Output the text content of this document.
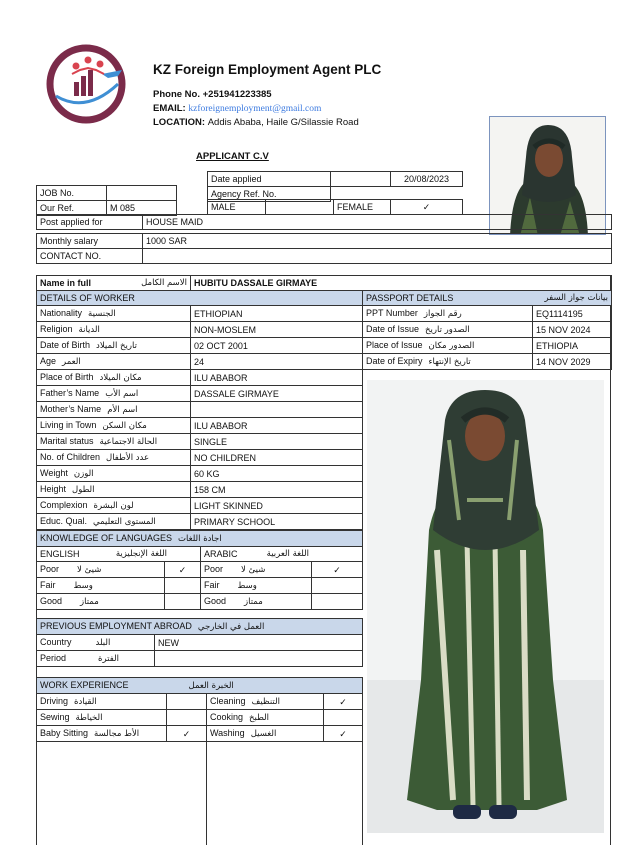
KZ Foreign Employment Agent PLC
Phone No. +251941223385
EMAIL: kzforeignemployment@gmail.com
LOCATION: Addis Ababa, Haile G/Silassie Road
APPLICANT C.V
Date applied		20/08/2023
Agency Ref. No.		
JOB No.	
Our Ref.	M 085	MALE		FEMALE	✓
Post applied for	HOUSE MAID

Monthly salary	1000 SAR
CONTACT NO.	
Name in full	الاسم الكامل	HUBITU DASSALE GIRMAYE
DETAILS OF WORKER	
Nationality الجنسية	ETHIOPIAN
Religion الديانة	NON-MOSLEM
Date of Birth تاريخ الميلاد	02 OCT 2001
Age العمر	24
Place of Birth مكان الميلاد	ILU ABABOR
Father’s Name اسم الأب	DASSALE GIRMAYE
Mother’s Name اسم الأم	
Living in Town مكان السكن	ILU ABABOR
Marital status الحالة الاجتماعية	SINGLE
No. of Children عدد الأطفال	NO CHILDREN
Weight الوزن	60 KG
Height الطول	158 CM
Complexion لون البشرة	LIGHT SKINNED
Educ. Qual. المستوى التعليمي	PRIMARY SCHOOL
PASSPORT DETAILS بيانات جواز السفر	

PPT Number رقم الجواز	EQ1114195
Date of Issue الصدور تاريخ	15 NOV 2024
Place of Issue الصدور مكان	ETHIOPIA
Date of Expiry تاريخ الإنتهاء	14 NOV 2029
KNOWLEDGE OF LANGUAGES اجادة اللغات			
ENGLISH اللغة الإنجليزية		ARABIC اللغة العربية	

Poor شيئ لا	✓	Poor شيئ لا	✓
Fair وسط		Fair وسط	
Good ممتاز		Good ممتاز	
PREVIOUS EMPLOYMENT ABROAD العمل في الخارجي	
Country البلد	NEW
Period الفترة	
WORK EXPERIENCE الخبرة العمل			
Driving القيادة		Cleaning التنظيف	✓
Sewing الخياطة		Cooking الطبخ	
Baby Sitting الأط مجالسة	✓	Washing الغسيل	✓
